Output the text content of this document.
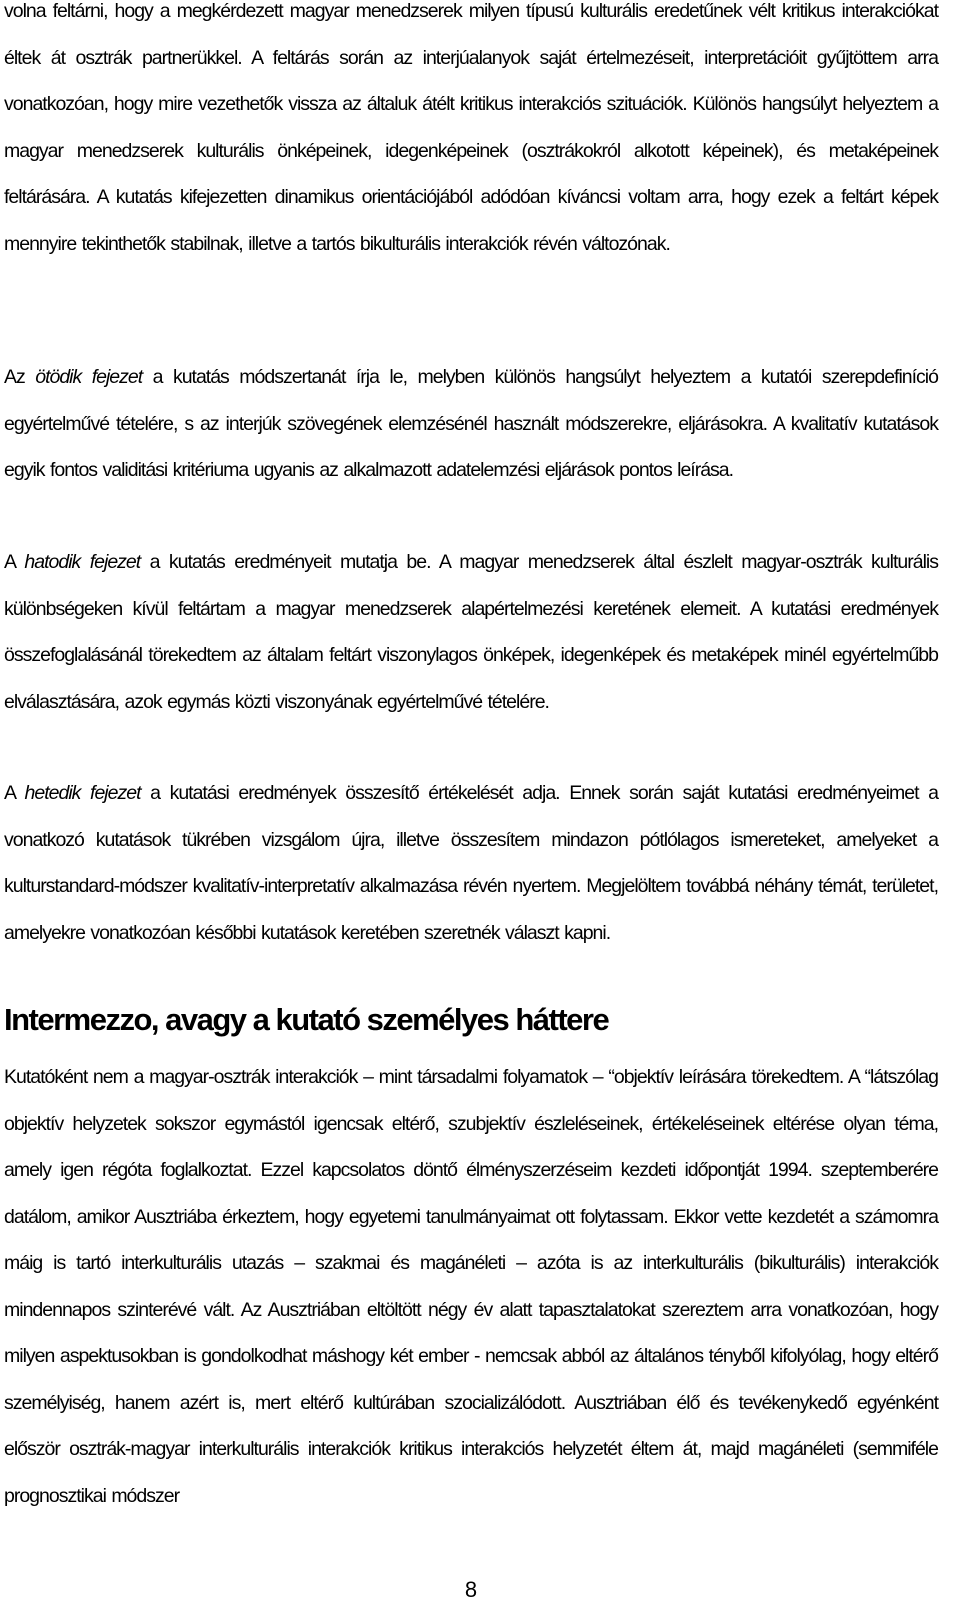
volna feltárni, hogy a megkérdezett magyar menedzserek milyen típusú kulturális eredetűnek vélt kritikus interakciókat éltek át osztrák partnerükkel. A feltárás során az interjúalanyok saját értelmezéseit, interpretációit gyűjtöttem arra vonatkozóan, hogy mire vezethetők vissza az általuk átélt kritikus interakciós szituációk. Különös hangsúlyt helyeztem a magyar menedzserek kulturális önképeinek, idegenképeinek (osztrákokról alkotott képeinek), és metaképeinek feltárására. A kutatás kifejezetten dinamikus orientációjából adódóan kíváncsi voltam arra, hogy ezek a feltárt képek mennyire tekinthetők stabilnak, illetve a tartós bikulturális interakciók révén változónak.

Az ötödik fejezet a kutatás módszertanát írja le, melyben különös hangsúlyt helyeztem a kutatói szerepdefiníció egyértelművé tételére, s az interjúk szövegének elemzésénél használt módszerekre, eljárásokra. A kvalitatív kutatások egyik fontos validitási kritériuma ugyanis az alkalmazott adatelemzési eljárások pontos leírása.

A hatodik fejezet a kutatás eredményeit mutatja be. A magyar menedzserek által észlelt magyar-osztrák kulturális különbségeken kívül feltártam a magyar menedzserek alapértelmezési keretének elemeit. A kutatási eredmények összefoglalásánál törekedtem az általam feltárt viszonylagos önképek, idegenképek és metaképek minél egyértelműbb elválasztására, azok egymás közti viszonyának egyértelművé tételére.

A hetedik fejezet a kutatási eredmények összesítő értékelését adja. Ennek során saját kutatási eredményeimet a vonatkozó kutatások tükrében vizsgálom újra, illetve összesítem mindazon pótlólagos ismereteket, amelyeket a kulturstandard-módszer kvalitatív-interpretatív alkalmazása révén nyertem. Megjelöltem továbbá néhány témát, területet, amelyekre vonatkozóan későbbi kutatások keretében szeretnék választ kapni.

Intermezzo, avagy a kutató személyes háttere

Kutatóként nem a magyar-osztrák interakciók – mint társadalmi folyamatok – “objektív leírására törekedtem. A “látszólag objektív helyzetek sokszor egymástól igencsak eltérő, szubjektív észleléseinek, értékeléseinek eltérése olyan téma, amely igen régóta foglalkoztat. Ezzel kapcsolatos döntő élményszerzéseim kezdeti időpontját 1994. szeptemberére datálom, amikor Ausztriába érkeztem, hogy egyetemi tanulmányaimat ott folytassam. Ekkor vette kezdetét a számomra máig is tartó interkulturális utazás – szakmai és magánéleti – azóta is az interkulturális (bikulturális) interakciók mindennapos szinterévé vált. Az Ausztriában eltöltött négy év alatt tapasztalatokat szereztem arra vonatkozóan, hogy milyen aspektusokban is gondolkodhat máshogy két ember - nemcsak abból az általános tényből kifolyólag, hogy eltérő személyiség, hanem azért is, mert eltérő kultúrában szocializálódott. Ausztriában élő és tevékenykedő egyénként először osztrák-magyar interkulturális interakciók kritikus interakciós helyzetét éltem át, majd magánéleti (semmiféle prognosztikai módszer

8
